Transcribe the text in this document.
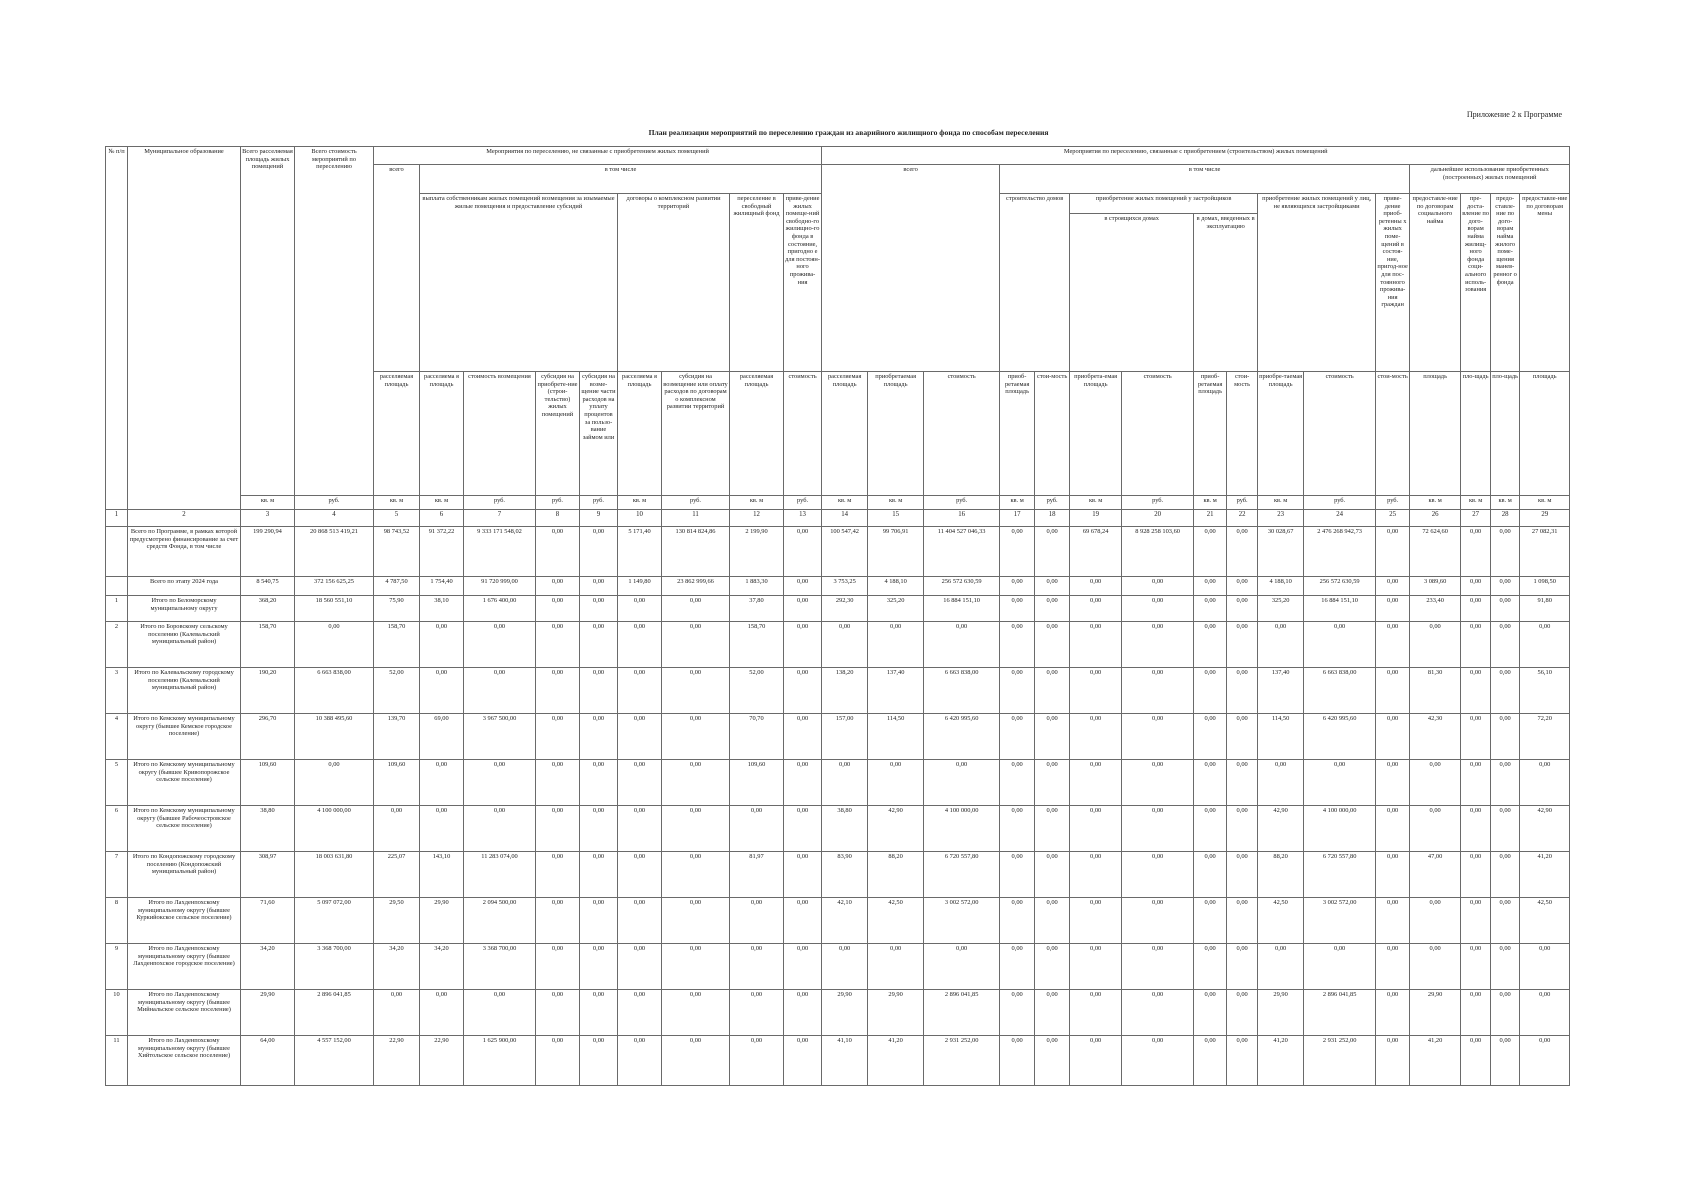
Приложение 2 к Программе
План реализации мероприятий по переселению граждан из аварийного жилищного фонда по способам переселения
№ п/п	Муниципальное образование	Всего расселяемая площадь жилых помещений	Всего стоимость мероприятий по переселению	Мероприятия по переселению, не связанные с приобретением жилых помещений									Мероприятия по переселению, связанные с приобретением (строительством) жилых помещений															
				всего	в том числе								всего			в том числе									дальнейшее использование приобретенных (построенных) жилых помещений			
					выплата собственникам жилых помещений возмещения за изымаемые жилые помещения и предоставление субсидий				договоры о комплексном развитии территорий		переселение в свободный жилищный фонд	приве-дение жилых помеще-ний свободно-го жилищно-го фонда в состояние, пригодно е для постоян-ного прожива-ния				строительство домов		приобретение жилых помещений у застройщиков				приобретение жилых помещений у лиц, не являющихся застройщиками		приве-дение приоб-ретенны х жилых поме-щений в состоя-ние, пригод-ное для пос-тоянного прожива-ния граждан	предоставле-ние по договорам социального найма	пре-доста-вление по дого-ворам найма жилищ-ного фонда соци-ального исполь-зования	предо-ставле-ние по дого-ворам найма жилого поме-щения манев-ренног о фонда	предоставле-ние по договорам мены
																		в строящихся домах		в домах, введенных в эксплуатацию								

				расселяемая площадь	расселяема я площадь	стоимость возмещения	субсидия на приобрете-ние (строи-тельство) жилых помещений	субсидия на возме-щение части расходов на уплату процентов за пользо-вание займом или	расселяема я площадь	субсидия на возмещение или оплату расходов по договорам о комплексном развитии территорий	расселяемая площадь	стоимость	расселяемая площадь	приобретаемая площадь	стоимость	приоб-ретаемая площадь	стои-мость	приобрета-емая площадь	стоимость	приоб-ретаемая площадь	стои-мость	приобре-таемая площадь	стоимость	стои-мость	площадь	пло-щадь	пло-щадь	площадь

		кв. м	руб.	кв. м	кв. м	руб.	руб.	руб.	кв. м	руб.	кв. м	руб.	кв. м	кв. м	руб.	кв. м	руб.	кв. м	руб.	кв. м	руб.	кв. м	руб.	руб.	кв. м	кв. м	кв. м	кв. м
1	2	3	4	5	6	7	8	9	10	11	12	13	14	15	16	17	18	19	20	21	22	23	24	25	26	27	28	29
	Всего по Программе, в рамках которой предусмотрено финансирование за счет средств Фонда, в том числе	199 290,94	20 868 513 419,21	98 743,52	91 372,22	9 333 171 548,02	0,00	0,00	5 171,40	130 814 824,86	2 199,90	0,00	100 547,42	99 706,91	11 404 527 046,33	0,00	0,00	69 678,24	8 928 258 103,60	0,00	0,00	30 028,67	2 476 268 942,73	0,00	72 624,60	0,00	0,00	27 082,31
	Всего по этапу 2024 года	8 540,75	372 156 625,25	4 787,50	1 754,40	91 720 999,00	0,00	0,00	1 149,80	23 862 999,66	1 883,30	0,00	3 753,25	4 188,10	256 572 630,59	0,00	0,00	0,00	0,00	0,00	0,00	4 188,10	256 572 630,59	0,00	3 089,60	0,00	0,00	1 098,50
1	Итого по Беломорскому муниципальному округу	368,20	18 560 551,10	75,90	38,10	1 676 400,00	0,00	0,00	0,00	0,00	37,80	0,00	292,30	325,20	16 884 151,10	0,00	0,00	0,00	0,00	0,00	0,00	325,20	16 884 151,10	0,00	233,40	0,00	0,00	91,80
2	Итого по Боровскому сельскому поселению (Калевальский муниципальный район)	158,70	0,00	158,70	0,00	0,00	0,00	0,00	0,00	0,00	158,70	0,00	0,00	0,00	0,00	0,00	0,00	0,00	0,00	0,00	0,00	0,00	0,00	0,00	0,00	0,00	0,00	0,00
3	Итого по Калевальскому городскому поселению (Калевальский муниципальный район)	190,20	6 663 838,00	52,00	0,00	0,00	0,00	0,00	0,00	0,00	52,00	0,00	138,20	137,40	6 663 838,00	0,00	0,00	0,00	0,00	0,00	0,00	137,40	6 663 838,00	0,00	81,30	0,00	0,00	56,10
4	Итого по Кемскому муниципальному округу (бывшее Кемское городское поселение)	296,70	10 388 495,60	139,70	69,00	3 967 500,00	0,00	0,00	0,00	0,00	70,70	0,00	157,00	114,50	6 420 995,60	0,00	0,00	0,00	0,00	0,00	0,00	114,50	6 420 995,60	0,00	42,30	0,00	0,00	72,20
5	Итого по Кемскому муниципальному округу (бывшее Кривопорожское сельское поселение)	109,60	0,00	109,60	0,00	0,00	0,00	0,00	0,00	0,00	109,60	0,00	0,00	0,00	0,00	0,00	0,00	0,00	0,00	0,00	0,00	0,00	0,00	0,00	0,00	0,00	0,00	0,00
6	Итого по Кемскому муниципальному округу (бывшее Рабочеостровское сельское поселение)	38,80	4 100 000,00	0,00	0,00	0,00	0,00	0,00	0,00	0,00	0,00	0,00	38,80	42,90	4 100 000,00	0,00	0,00	0,00	0,00	0,00	0,00	42,90	4 100 000,00	0,00	0,00	0,00	0,00	42,90
7	Итого по Кондопожскому городскому поселению (Кондопожский муниципальный район)	308,97	18 003 631,80	225,07	143,10	11 283 074,00	0,00	0,00	0,00	0,00	81,97	0,00	83,90	88,20	6 720 557,80	0,00	0,00	0,00	0,00	0,00	0,00	88,20	6 720 557,80	0,00	47,00	0,00	0,00	41,20
8	Итого по Лахденпохскому муниципальному округу (бывшее Куркийокское сельское поселение)	71,60	5 097 072,00	29,50	29,90	2 094 500,00	0,00	0,00	0,00	0,00	0,00	0,00	42,10	42,50	3 002 572,00	0,00	0,00	0,00	0,00	0,00	0,00	42,50	3 002 572,00	0,00	0,00	0,00	0,00	42,50
9	Итого по Лахденпохскому муниципальному округу (бывшее Лахденпохское городское поселение)	34,20	3 368 700,00	34,20	34,20	3 368 700,00	0,00	0,00	0,00	0,00	0,00	0,00	0,00	0,00	0,00	0,00	0,00	0,00	0,00	0,00	0,00	0,00	0,00	0,00	0,00	0,00	0,00	0,00
10	Итого по Лахденпохскому муниципальному округу (бывшее Мийнальское сельское поселение)	29,90	2 896 041,85	0,00	0,00	0,00	0,00	0,00	0,00	0,00	0,00	0,00	29,90	29,90	2 896 041,85	0,00	0,00	0,00	0,00	0,00	0,00	29,90	2 896 041,85	0,00	29,90	0,00	0,00	0,00
11	Итого по Лахденпохскому муниципальному округу (бывшее Хийтольское сельское поселение)	64,00	4 557 152,00	22,90	22,90	1 625 900,00	0,00	0,00	0,00	0,00	0,00	0,00	41,10	41,20	2 931 252,00	0,00	0,00	0,00	0,00	0,00	0,00	41,20	2 931 252,00	0,00	41,20	0,00	0,00	0,00
